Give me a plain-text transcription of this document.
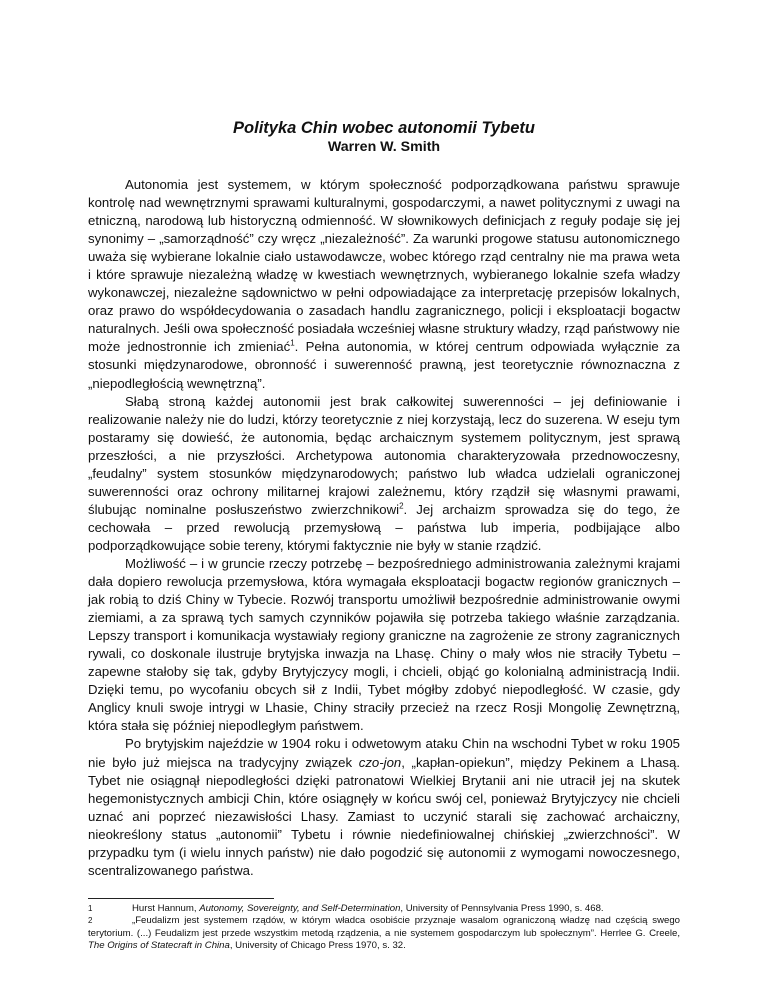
Polityka Chin wobec autonomii Tybetu
Warren W. Smith

Autonomia jest systemem, w którym społeczność podporządkowana państwu sprawuje kontrolę nad wewnętrznymi sprawami kulturalnymi, gospodarczymi, a nawet politycznymi z uwagi na etniczną, narodową lub historyczną odmienność. W słownikowych definicjach z reguły podaje się jej synonimy – „samorządność” czy wręcz „niezależność”. Za warunki progowe statusu autonomicznego uważa się wybierane lokalnie ciało ustawodawcze, wobec którego rząd centralny nie ma prawa weta i które sprawuje niezależną władzę w kwestiach wewnętrznych, wybieranego lokalnie szefa władzy wykonawczej, niezależne sądownictwo w pełni odpowiadające za interpretację przepisów lokalnych, oraz prawo do współdecydowania o zasadach handlu zagranicznego, policji i eksploatacji bogactw naturalnych. Jeśli owa społeczność posiadała wcześniej własne struktury władzy, rząd państwowy nie może jednostronnie ich zmieniać$^1$. Pełna autonomia, w której centrum odpowiada wyłącznie za stosunki międzynarodowe, obronność i suwerenność prawną, jest teoretycznie równoznaczna z „niepodległością wewnętrzną”.

Słabą stroną każdej autonomii jest brak całkowitej suwerenności – jej definiowanie i realizowanie należy nie do ludzi, którzy teoretycznie z niej korzystają, lecz do suzerena. W eseju tym postaramy się dowieść, że autonomia, będąc archaicznym systemem politycznym, jest sprawą przeszłości, a nie przyszłości. Archetypowa autonomia charakteryzowała przednowoczesny, „feudalny” system stosunków międzynarodowych; państwo lub władca udzielali ograniczonej suwerenności oraz ochrony militarnej krajowi zależnemu, który rządził się własnymi prawami, ślubując nominalne posłuszeństwo zwierzchnikowi$^2$. Jej archaizm sprowadza się do tego, że cechowała – przed rewolucją przemysłową – państwa lub imperia, podbijające albo podporządkowujące sobie tereny, którymi faktycznie nie były w stanie rządzić.

Możliwość – i w gruncie rzeczy potrzebę – bezpośredniego administrowania zależnymi krajami dała dopiero rewolucja przemysłowa, która wymagała eksploatacji bogactw regionów granicznych – jak robią to dziś Chiny w Tybecie. Rozwój transportu umożliwił bezpośrednie administrowanie owymi ziemiami, a za sprawą tych samych czynników pojawiła się potrzeba takiego właśnie zarządzania. Lepszy transport i komunikacja wystawiały regiony graniczne na zagrożenie ze strony zagranicznych rywali, co doskonale ilustruje brytyjska inwazja na Lhasę. Chiny o mały włos nie straciły Tybetu – zapewne stałoby się tak, gdyby Brytyjczycy mogli, i chcieli, objąć go kolonialną administracją Indii. Dzięki temu, po wycofaniu obcych sił z Indii, Tybet mógłby zdobyć niepodległość. W czasie, gdy Anglicy knuli swoje intrygi w Lhasie, Chiny straciły przecież na rzecz Rosji Mongolię Zewnętrzną, która stała się później niepodległym państwem.

Po brytyjskim najeździe w 1904 roku i odwetowym ataku Chin na wschodni Tybet w roku 1905 nie było już miejsca na tradycyjny związek czo-jon, „kapłan-opiekun”, między Pekinem a Lhasą. Tybet nie osiągnął niepodległości dzięki patronatowi Wielkiej Brytanii ani nie utracił jej na skutek hegemonistycznych ambicji Chin, które osiągnęły w końcu swój cel, ponieważ Brytyjczycy nie chcieli uznać ani poprzeć niezawisłości Lhasy. Zamiast to uczynić starali się zachować archaiczny, nieokreślony status „autonomii” Tybetu i równie niedefiniowalnej chińskiej „zwierzchności”. W przypadku tym (i wielu innych państw) nie dało pogodzić się autonomii z wymogami nowoczesnego, scentralizowanego państwa.

1	Hurst Hannum, Autonomy, Sovereignty, and Self-Determination, University of Pennsylvania Press 1990, s. 468.

2	„Feudalizm jest systemem rządów, w którym władca osobiście przyznaje wasalom ograniczoną władzę nad częścią swego terytorium. (...) Feudalizm jest przede wszystkim metodą rządzenia, a nie systemem gospodarczym lub społecznym”. Herrlee G. Creele, The Origins of Statecraft in China, University of Chicago Press 1970, s. 32.
